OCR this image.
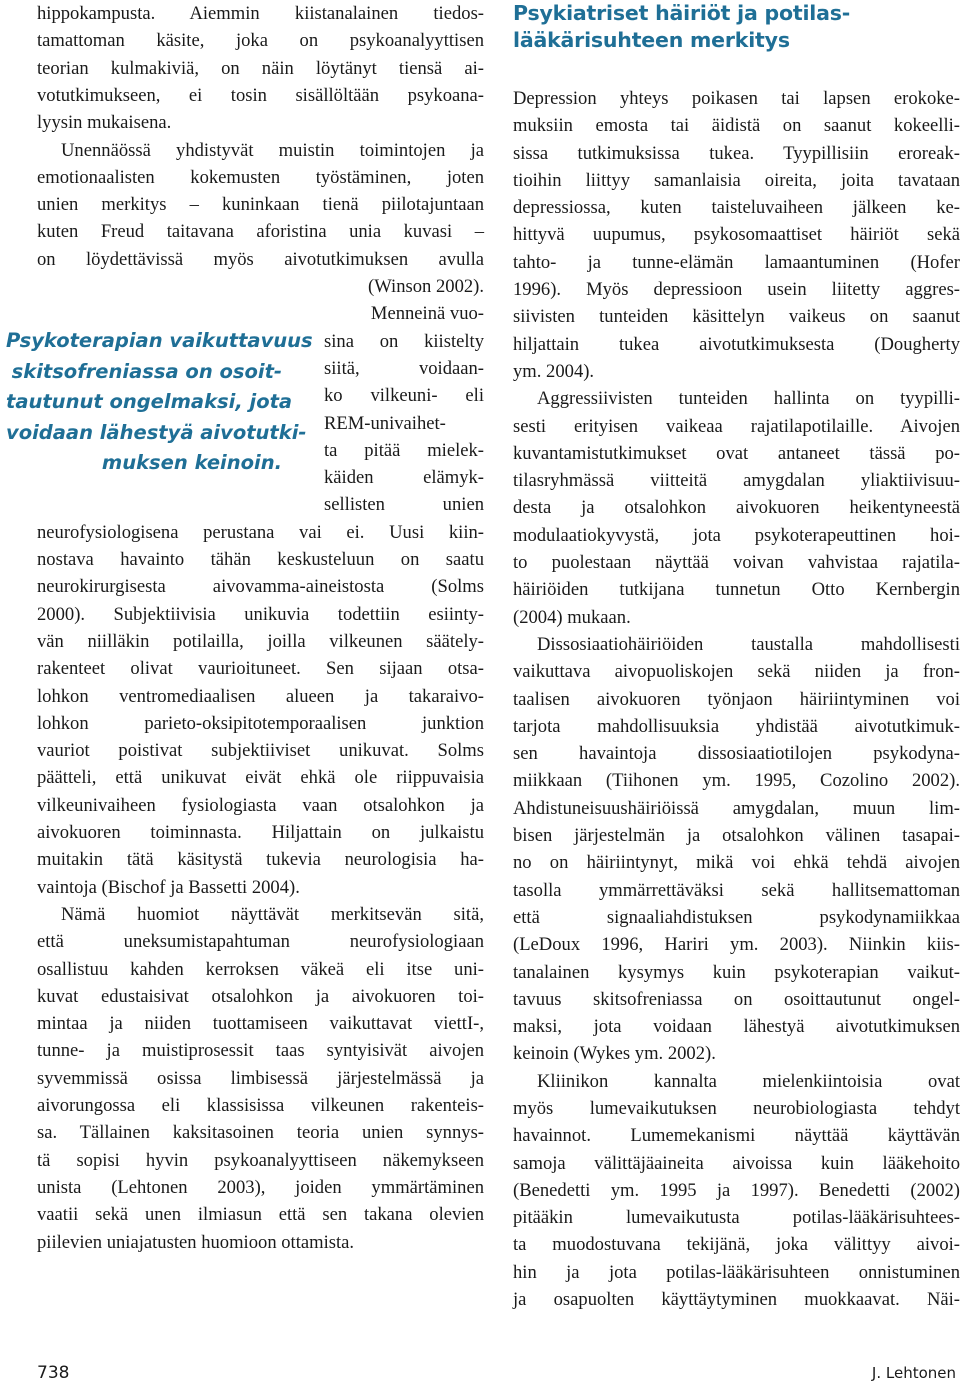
hippokampusta. Aiemmin kiistanalainen tiedos-
tamattoman käsite, joka on psykoanalyyttisen
teorian kulmakiviä, on näin löytänyt tiensä ai-
votutkimukseen, ei tosin sisällöltään psykoana-
lyysin mukaisena.
Unennäössä yhdistyvät muistin toimintojen ja
emotionaalisten kokemusten työstäminen, joten
unien merkitys – kuninkaan tienä piilotajuntaan
kuten Freud taitavana aforistina unia kuvasi –
on löydettävissä myös aivotutkimuksen avulla
(Winson 2002).
Menneinä vuo-
sina on kiistelty
siitä, voidaan-
ko vilkeuni- eli
REM-univaihet-
ta pitää mielek-
käiden elämyk-
sellisten unien
neurofysiologisena perustana vai ei. Uusi kiin-
nostava havainto tähän keskusteluun on saatu
neurokirurgisesta aivovamma-aineistosta (Solms
2000). Subjektiivisia unikuvia todettiin esiinty-
vän niilläkin potilailla, joilla vilkeunen säätely-
rakenteet olivat vaurioituneet. Sen sijaan otsa-
lohkon ventromediaalisen alueen ja takaraivo-
lohkon parieto-oksipitotemporaalisen junktion
vauriot poistivat subjektiiviset unikuvat. Solms
päätteli, että unikuvat eivät ehkä ole riippuvaisia
vilkeunivaiheen fysiologiasta vaan otsalohkon ja
aivokuoren toiminnasta. Hiljattain on julkaistu
muitakin tätä käsitystä tukevia neurologisia ha-
vaintoja (Bischof ja Bassetti 2004).
Nämä huomiot näyttävät merkitsevän sitä,
että uneksumistapahtuman neurofysiologiaan
osallistuu kahden kerroksen väkeä eli itse uni-
kuvat edustaisivat otsalohkon ja aivokuoren toi-
mintaa ja niiden tuottamiseen vaikuttavat viettI-,
tunne- ja muistiprosessit taas syntyisivät aivojen
syvemmissä osissa limbisessä järjestelmässä ja
aivorungossa eli klassisissa vilkeunen rakenteis-
sa. Tällainen kaksitasoinen teoria unien synnys-
tä sopisi hyvin psykoanalyyttiseen näkemykseen
unista (Lehtonen 2003), joiden ymmärtäminen
vaatii sekä unen ilmiasun että sen takana olevien
piilevien uniajatusten huomioon ottamista.
Psykoterapian vaikuttavuus
skitsofreniassa on osoit-
tautunut ongelmaksi, jota
voidaan lähestyä aivotutki-
muksen keinoin.
Psykiatriset häiriöt ja potilas-lääkärisuhteen merkitys
Depression yhteys poikasen tai lapsen erokoke-
muksiin emosta tai äidistä on saanut kokeelli-
sissa tutkimuksissa tukea. Tyypillisiin eroreak-
tioihin liittyy samanlaisia oireita, joita tavataan
depressiossa, kuten taisteluvaiheen jälkeen ke-
hittyvä uupumus, psykosomaattiset häiriöt sekä
tahto- ja tunne-elämän lamaantuminen (Hofer
1996). Myös depressioon usein liitetty aggres-
siivisten tunteiden käsittelyn vaikeus on saanut
hiljattain tukea aivotutkimuksesta (Dougherty
ym. 2004).
Aggressiivisten tunteiden hallinta on tyypilli-
sesti erityisen vaikeaa rajatilapotilaille. Aivojen
kuvantamistutkimukset ovat antaneet tässä po-
tilasryhmässä viitteitä amygdalan yliaktiivisuu-
desta ja otsalohkon aivokuoren heikentyneestä
modulaatiokyvystä, jota psykoterapeuttinen hoi-
to puolestaan näyttää voivan vahvistaa rajatila-
häiriöiden tutkijana tunnetun Otto Kernbergin
(2004) mukaan.
Dissosiaatiohäiriöiden taustalla mahdollisesti
vaikuttava aivopuoliskojen sekä niiden ja fron-
taalisen aivokuoren työnjaon häiriintyminen voi
tarjota mahdollisuuksia yhdistää aivotutkimuk-
sen havaintoja dissosiaatiotilojen psykodyna-
miikkaan (Tiihonen ym. 1995, Cozolino 2002).
Ahdistuneisuushäiriöissä amygdalan, muun lim-
bisen järjestelmän ja otsalohkon välinen tasapai-
no on häiriintynyt, mikä voi ehkä tehdä aivojen
tasolla ymmärrettäväksi sekä hallitsemattoman
että signaaliahdistuksen psykodynamiikkaa
(LeDoux 1996, Hariri ym. 2003). Niinkin kiis-
tanalainen kysymys kuin psykoterapian vaikut-
tavuus skitsofreniassa on osoittautunut ongel-
maksi, jota voidaan lähestyä aivotutkimuksen
keinoin (Wykes ym. 2002).
Kliinikon kannalta mielenkiintoisia ovat
myös lumevaikutuksen neurobiologiasta tehdyt
havainnot. Lumemekanismi näyttää käyttävän
samoja välittäjäaineita aivoissa kuin lääkehoito
(Benedetti ym. 1995 ja 1997). Benedetti (2002)
pitääkin lumevaikutusta potilas-lääkärisuhtees-
ta muodostuvana tekijänä, joka välittyy aivoi-
hin ja jota potilas-lääkärisuhteen onnistuminen
ja osapuolten käyttäytyminen muokkaavat. Näi-
738	J. Lehtonen
